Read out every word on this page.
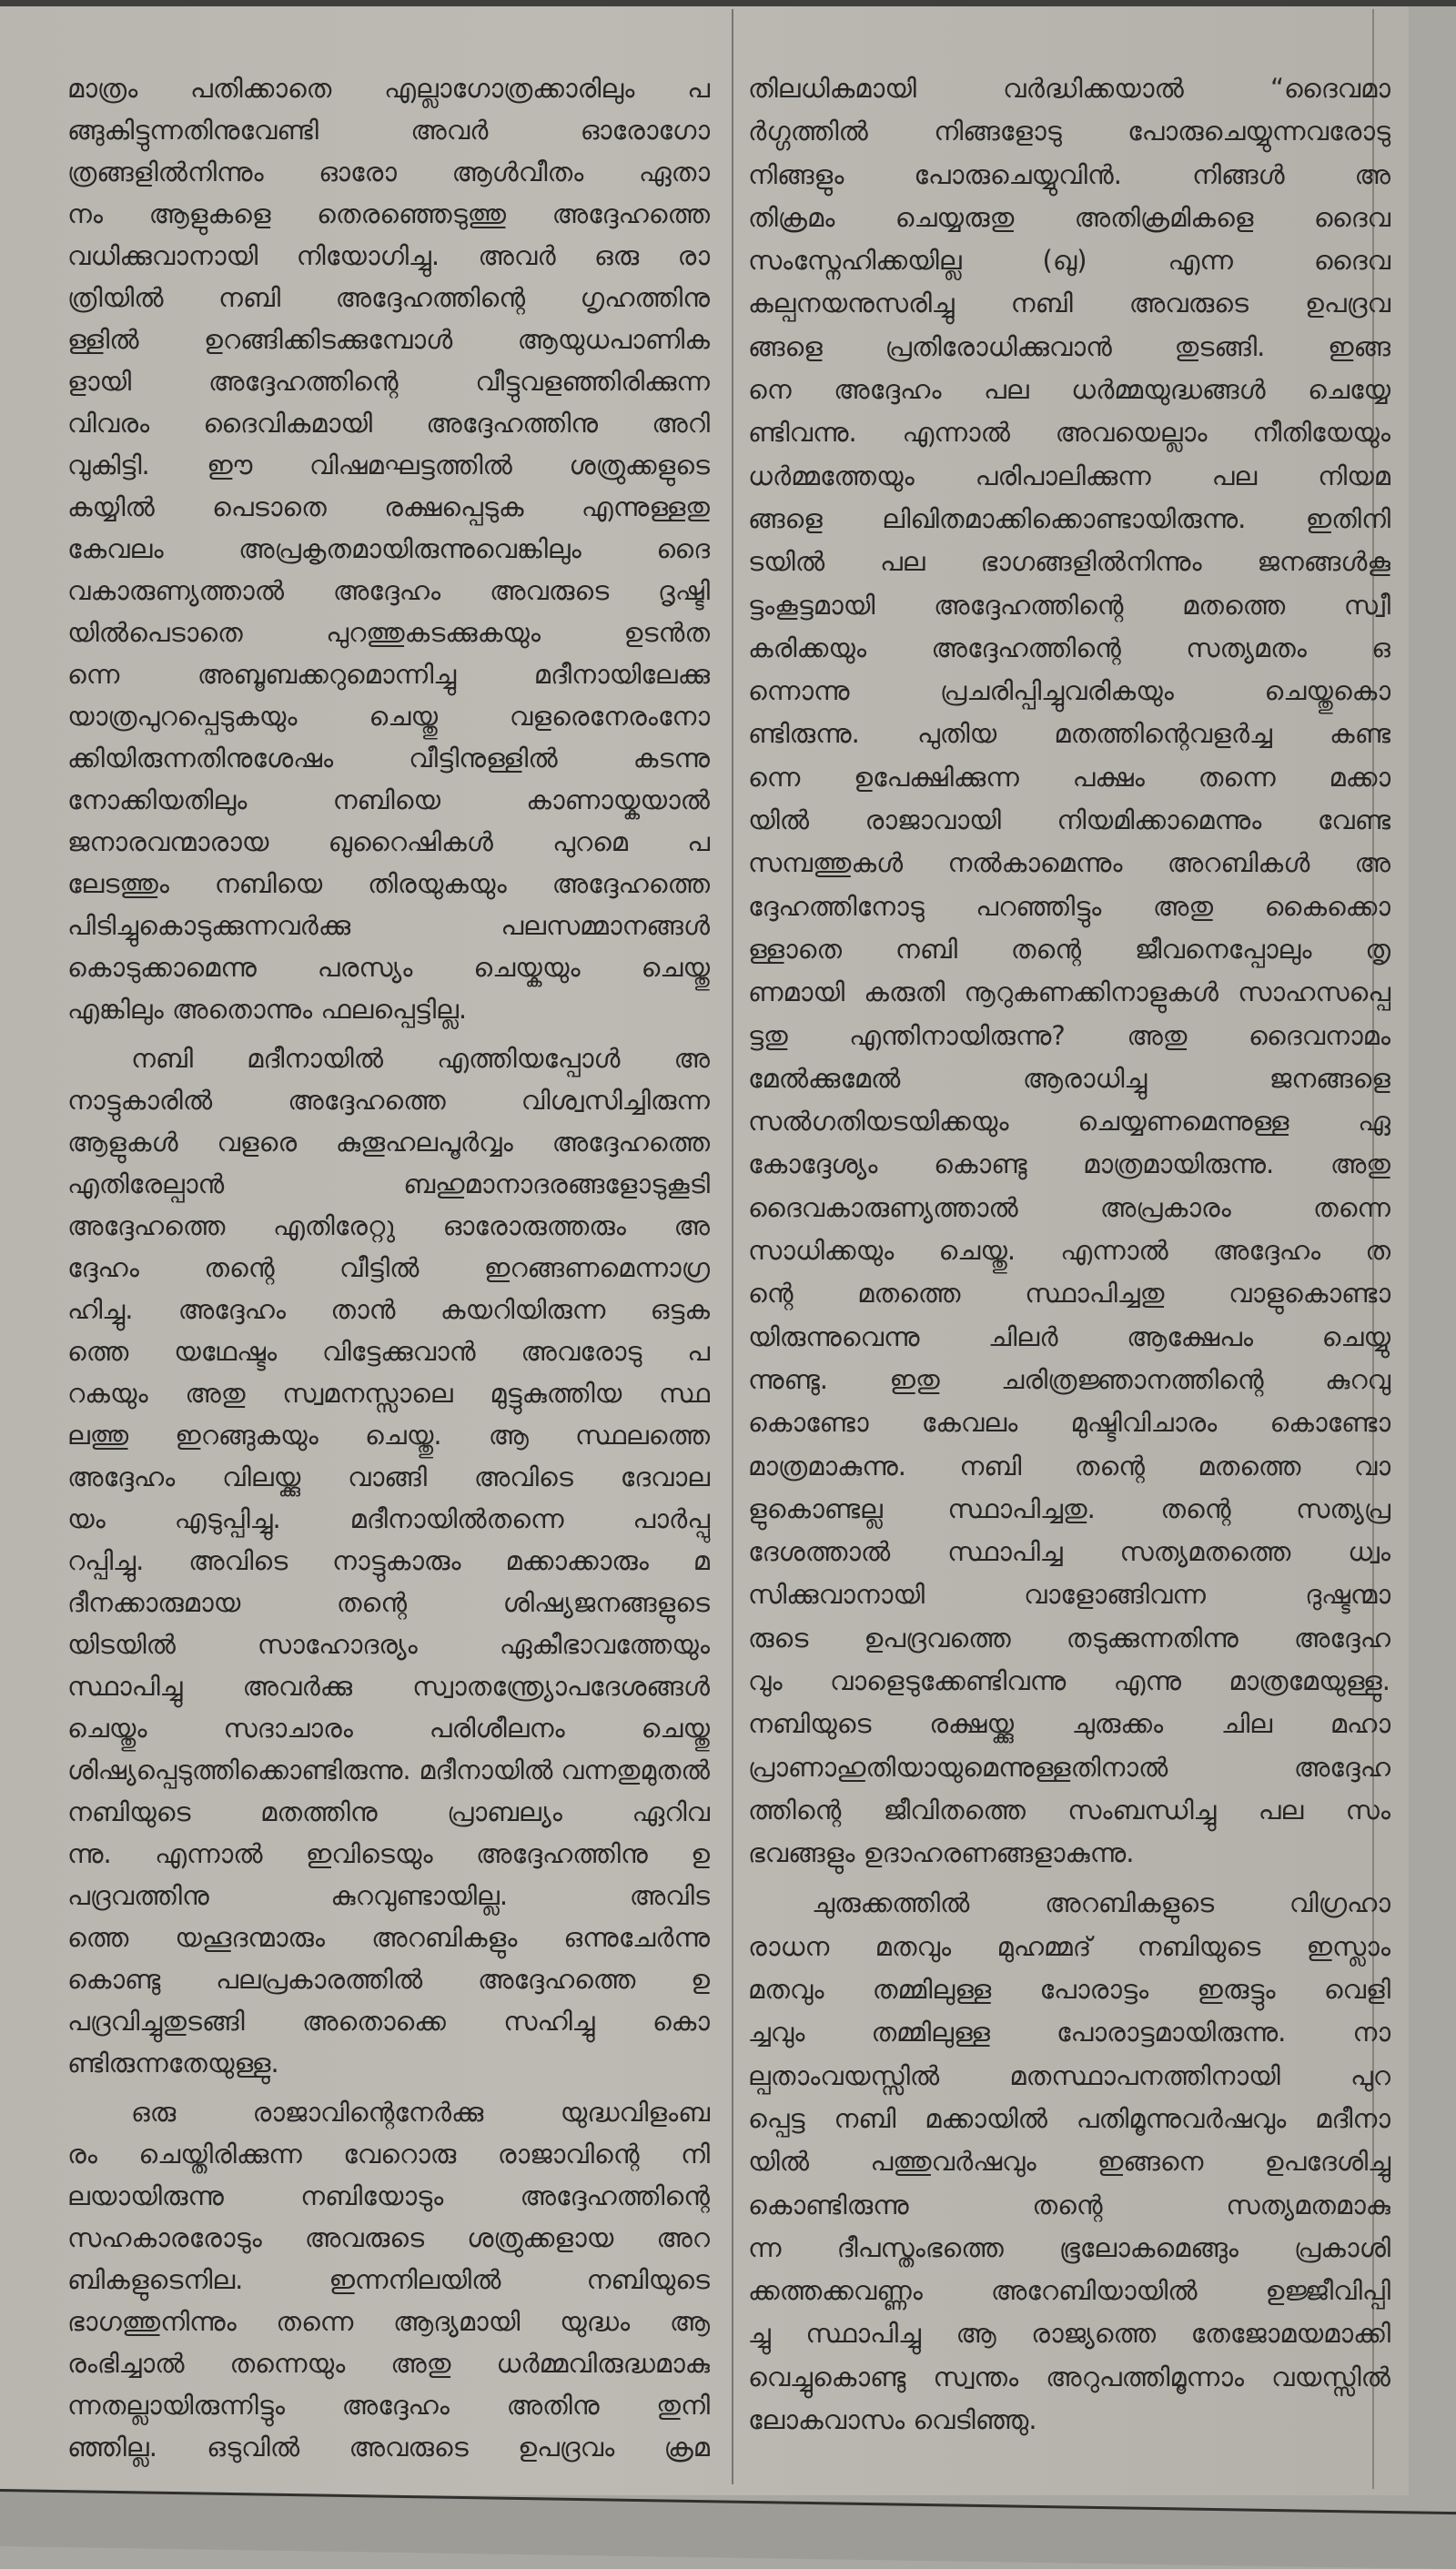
മാത്രം പതിക്കാതെ എല്ലാഗോത്രക്കാരിലും പ
ങ്ങുകിട്ടുന്നതിനുവേണ്ടി അവർ ഓരോഗോ
ത്രങ്ങളിൽനിന്നും ഓരോ ആൾവീതം ഏതാ
നം ആളുകളെ തെരഞ്ഞെടുത്തു അദ്ദേഹത്തെ
വധിക്കുവാനായി നിയോഗിച്ചു. അവർ ഒരു രാ
ത്രിയിൽ നബി അദ്ദേഹത്തിന്റെ ഗൃഹത്തിനു
ള്ളിൽ ഉറങ്ങിക്കിടക്കുമ്പോൾ ആയുധപാണിക
ളായി അദ്ദേഹത്തിന്റെ വീട്ടുവളഞ്ഞിരിക്കുന്ന
വിവരം ദൈവികമായി അദ്ദേഹത്തിനു അറി
വുകിട്ടി. ഈ വിഷമഘട്ടത്തിൽ ശത്രുക്കളുടെ
കയ്യിൽ പെടാതെ രക്ഷപ്പെടുക എന്നുള്ളതു
കേവലം അപ്രകൃതമായിരുന്നുവെങ്കിലും ദൈ
വകാരുണ്യത്താൽ അദ്ദേഹം അവരുടെ ദൃഷ്ടി
യിൽപെടാതെ പുറത്തുകടക്കുകയും ഉടൻത
ന്നെ അബൂബക്കറുമൊന്നിച്ചു മദീനായിലേക്കു
യാത്രപുറപ്പെടുകയും ചെയ്തു വളരെനേരംനോ
ക്കിയിരുന്നതിനുശേഷം വീട്ടിനുള്ളിൽ കടന്നു
നോക്കിയതിലും നബിയെ കാണായ്കയാൽ
ജനാരവന്മാരായ ഖുറൈഷികൾ പുറമെ പ
ലേടത്തും നബിയെ തിരയുകയും അദ്ദേഹത്തെ
പിടിച്ചുകൊടുക്കുന്നവർക്കു പലസമ്മാനങ്ങൾ
കൊടുക്കാമെന്നു പരസ്യം ചെയ്കയും ചെയ്തു
എങ്കിലും അതൊന്നും ഫലപ്പെട്ടില്ല.
നബി മദീനായിൽ എത്തിയപ്പോൾ അ
നാട്ടുകാരിൽ അദ്ദേഹത്തെ വിശ്വസിച്ചിരുന്ന
ആളുകൾ വളരെ കുതൂഹലപൂർവ്വം അദ്ദേഹത്തെ
എതിരേല്പാൻ ബഹുമാനാദരങ്ങളോടുകൂടി
അദ്ദേഹത്തെ എതിരേറ്റു ഓരോരുത്തരും അ
ദ്ദേഹം തന്റെ വീട്ടിൽ ഇറങ്ങണമെന്നാഗ്ര
ഹിച്ചു. അദ്ദേഹം താൻ കയറിയിരുന്ന ഒട്ടക
ത്തെ യഥേഷ്ടം വിട്ടേക്കുവാൻ അവരോടു പ
റകയും അതു സ്വമനസ്സാലെ മുട്ടുകുത്തിയ സ്ഥ
ലത്തു ഇറങ്ങുകയും ചെയ്തു. ആ സ്ഥലത്തെ
അദ്ദേഹം വിലയ്ക്കു വാങ്ങി അവിടെ ദേവാല
യം എടുപ്പിച്ചു. മദീനായിൽതന്നെ പാർപ്പു
റപ്പിച്ചു. അവിടെ നാട്ടുകാരും മക്കാക്കാരും മ
ദീനക്കാരുമായ തന്റെ ശിഷ്യജനങ്ങളുടെ
യിടയിൽ സാഹോദര്യം ഏകീഭാവത്തേയും
സ്ഥാപിച്ചു അവർക്കു സ്വാതന്ത്ര്യോപദേശങ്ങൾ
ചെയ്തും സദാചാരം പരിശീലനം ചെയ്തു
ശിഷ്യപ്പെടുത്തിക്കൊണ്ടിരുന്നു. മദീനായിൽ വന്നതുമുതൽ
നബിയുടെ മതത്തിനു പ്രാബല്യം ഏറിവ
ന്നു. എന്നാൽ ഇവിടെയും അദ്ദേഹത്തിനു ഉ
പദ്രവത്തിനു കുറവുണ്ടായില്ല. അവിട
ത്തെ യഹൂദന്മാരും അറബികളും ഒന്നുചേർന്നു
കൊണ്ടു പലപ്രകാരത്തിൽ അദ്ദേഹത്തെ ഉ
പദ്രവിച്ചുതുടങ്ങി അതൊക്കെ സഹിച്ചു കൊ
ണ്ടിരുന്നതേയുള്ളു.
ഒരു രാജാവിന്റെനേർക്കു യുദ്ധവിളംബ
രം ചെയ്തിരിക്കുന്ന വേറൊരു രാജാവിന്റെ നി
ലയായിരുന്നു നബിയോടും അദ്ദേഹത്തിന്റെ
സഹകാരരോടും അവരുടെ ശത്രുക്കളായ അറ
ബികളുടെനില. ഇന്നനിലയിൽ നബിയുടെ
ഭാഗത്തുനിന്നും തന്നെ ആദ്യമായി യുദ്ധം ആ
രംഭിച്ചാൽ തന്നെയും അതു ധർമ്മവിരുദ്ധമാകു
ന്നതല്ലായിരുന്നിട്ടും അദ്ദേഹം അതിനു തുനി
ഞ്ഞില്ല. ഒടുവിൽ അവരുടെ ഉപദ്രവം ക്രമ
തിലധികമായി വർദ്ധിക്കയാൽ “ദൈവമാ
ർഗ്ഗത്തിൽ നിങ്ങളോടു പോരുചെയ്യുന്നവരോടു
നിങ്ങളും പോരുചെയ്യുവിൻ. നിങ്ങൾ അ
തിക്രമം ചെയ്യരുതു അതിക്രമികളെ ദൈവ
സംസ്നേഹിക്കയില്ല (ഖു) എന്ന ദൈവ
കല്പനയനുസരിച്ചു നബി അവരുടെ ഉപദ്രവ
ങ്ങളെ പ്രതിരോധിക്കുവാൻ തുടങ്ങി. ഇങ്ങ
നെ അദ്ദേഹം പല ധർമ്മയുദ്ധങ്ങൾ ചെയ്യേ
ണ്ടിവന്നു. എന്നാൽ അവയെല്ലാം നീതിയേയും
ധർമ്മത്തേയും പരിപാലിക്കുന്ന പല നിയമ
ങ്ങളെ ലിഖിതമാക്കിക്കൊണ്ടായിരുന്നു. ഇതിനി
ടയിൽ പല ഭാഗങ്ങളിൽനിന്നും ജനങ്ങൾകൂ
ട്ടംകൂട്ടമായി അദ്ദേഹത്തിന്റെ മതത്തെ സ്വീ
കരിക്കയും അദ്ദേഹത്തിന്റെ സത്യമതം ഒ
ന്നൊന്നു പ്രചരിപ്പിച്ചുവരികയും ചെയ്തുകൊ
ണ്ടിരുന്നു. പുതിയ മതത്തിന്റെവളർച്ച കണ്ട
ന്നെ ഉപേക്ഷിക്കുന്ന പക്ഷം തന്നെ മക്കാ
യിൽ രാജാവായി നിയമിക്കാമെന്നും വേണ്ട
സമ്പത്തുകൾ നൽകാമെന്നും അറബികൾ അ
ദ്ദേഹത്തിനോടു പറഞ്ഞിട്ടും അതു കൈക്കൊ
ള്ളാതെ നബി തന്റെ ജീവനെപ്പോലും തൃ
ണമായി കരുതി നൂറുകണക്കിനാളുകൾ സാഹസപ്പെ
ട്ടതു എന്തിനായിരുന്നു? അതു ദൈവനാമം
മേൽക്കുമേൽ ആരാധിച്ചു ജനങ്ങളെ
സൽഗതിയടയിക്കയും ചെയ്യണമെന്നുള്ള ഏ
കോദ്ദേശ്യം കൊണ്ടു മാത്രമായിരുന്നു. അതു
ദൈവകാരുണ്യത്താൽ അപ്രകാരം തന്നെ
സാധിക്കയും ചെയ്തു. എന്നാൽ അദ്ദേഹം ത
ന്റെ മതത്തെ സ്ഥാപിച്ചതു വാളുകൊണ്ടാ
യിരുന്നുവെന്നു ചിലർ ആക്ഷേപം ചെയ്യു
ന്നുണ്ടു. ഇതു ചരിത്രജ്ഞാനത്തിന്റെ കുറവു
കൊണ്ടോ കേവലം മുഷ്ടിവിചാരം കൊണ്ടോ
മാത്രമാകുന്നു. നബി തന്റെ മതത്തെ വാ
ളുകൊണ്ടല്ല സ്ഥാപിച്ചതു. തന്റെ സത്യപ്ര
ദേശത്താൽ സ്ഥാപിച്ച സത്യമതത്തെ ധ്വം
സിക്കുവാനായി വാളോങ്ങിവന്ന ദുഷ്ടന്മാ
രുടെ ഉപദ്രവത്തെ തടുക്കുന്നതിന്നു അദ്ദേഹ
വും വാളെടുക്കേണ്ടിവന്നു എന്നു മാത്രമേയുള്ളു.
നബിയുടെ രക്ഷയ്ക്കു ചുരുക്കം ചില മഹാ
പ്രാണാഹുതിയായുമെന്നുള്ളതിനാൽ അദ്ദേഹ
ത്തിന്റെ ജീവിതത്തെ സംബന്ധിച്ചു പല സം
ഭവങ്ങളും ഉദാഹരണങ്ങളാകുന്നു.
ചുരുക്കത്തിൽ അറബികളുടെ വിഗ്രഹാ
രാധന മതവും മുഹമ്മദ് നബിയുടെ ഇസ്ലാം
മതവും തമ്മിലുള്ള പോരാട്ടം ഇരുട്ടും വെളി
ച്ചവും തമ്മിലുള്ള പോരാട്ടമായിരുന്നു. നാ
ല്പതാംവയസ്സിൽ മതസ്ഥാപനത്തിനായി പുറ
പ്പെട്ട നബി മക്കായിൽ പതിമൂന്നുവർഷവും മദീനാ
യിൽ പത്തുവർഷവും ഇങ്ങനെ ഉപദേശിച്ചു
കൊണ്ടിരുന്നു തന്റെ സത്യമതമാകു
ന്ന ദീപസ്തംഭത്തെ ഭൂലോകമെങ്ങും പ്രകാശി
ക്കത്തക്കവണ്ണം അറേബിയായിൽ ഉജ്ജീവിപ്പി
ച്ചു സ്ഥാപിച്ചു ആ രാജ്യത്തെ തേജോമയമാക്കി
വെച്ചുകൊണ്ടു സ്വന്തം അറുപത്തിമൂന്നാം വയസ്സിൽ
ലോകവാസം വെടിഞ്ഞു.
